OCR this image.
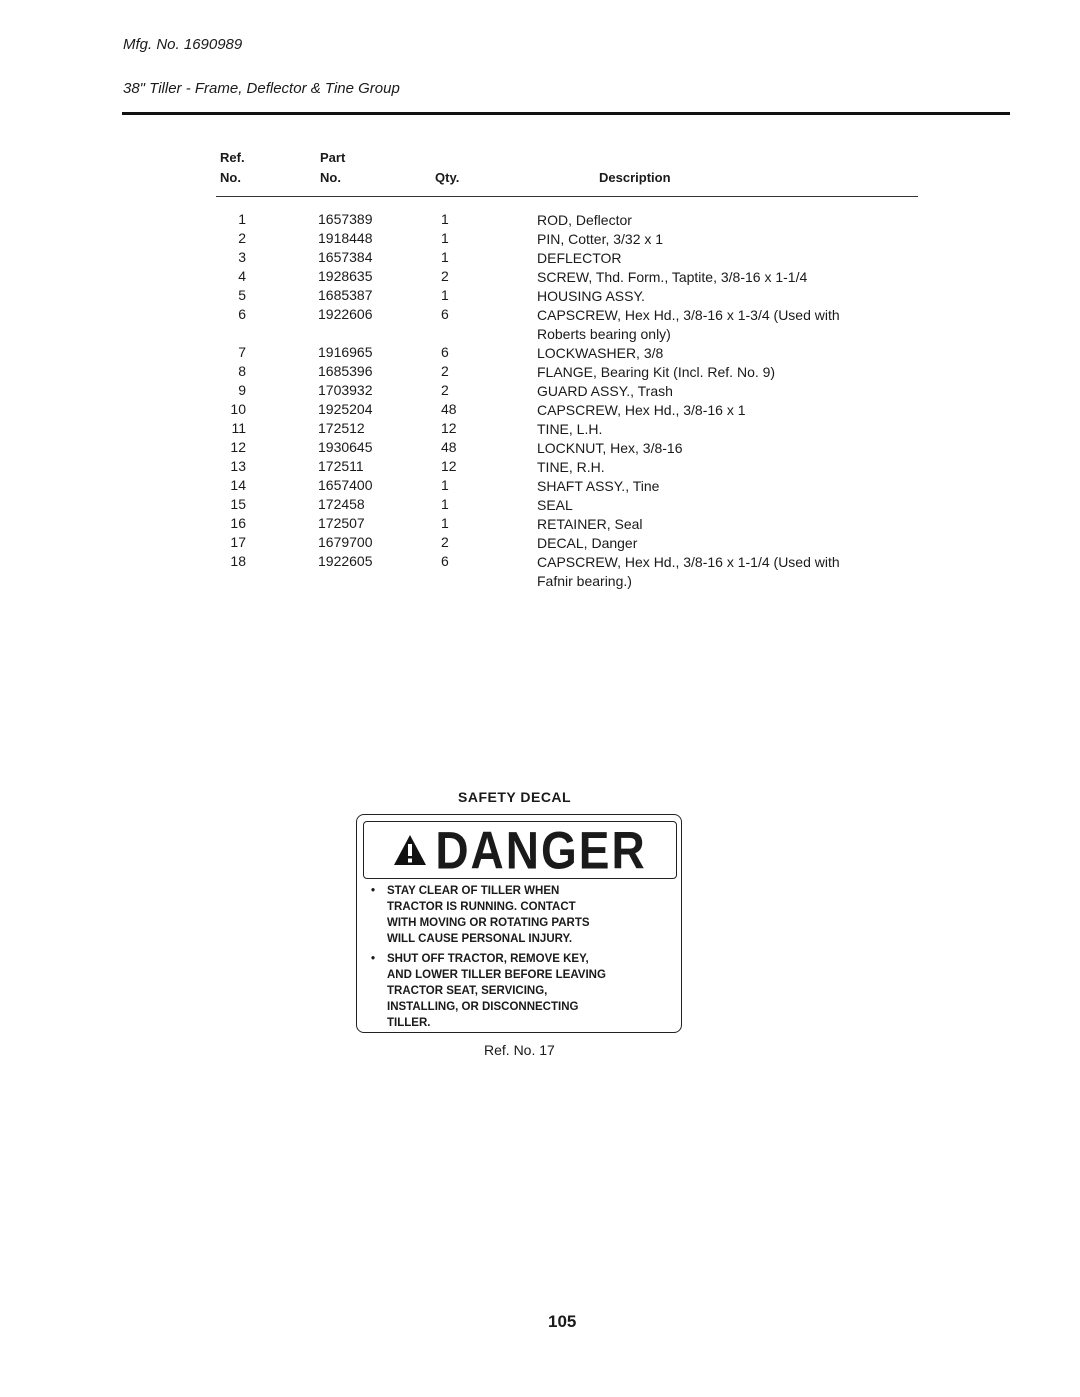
Mfg. No. 1690989
38" Tiller - Frame, Deflector & Tine Group
Ref.
No.
Part
No.	Qty.	Description
1	1657389	1	ROD, Deflector
2	1918448	1	PIN, Cotter, 3/32 x 1
3	1657384	1	DEFLECTOR
4	1928635	2	SCREW, Thd. Form., Taptite, 3/8-16 x 1-1/4
5	1685387	1	HOUSING ASSY.
6	1922606	6	CAPSCREW, Hex Hd., 3/8-16 x 1-3/4 (Used with
Roberts bearing only)
7	1916965	6	LOCKWASHER, 3/8
8	1685396	2	FLANGE, Bearing Kit (Incl. Ref. No. 9)
9	1703932	2	GUARD ASSY., Trash
10	1925204	48	CAPSCREW, Hex Hd., 3/8-16 x 1
11	172512	12	TINE, L.H.
12	1930645	48	LOCKNUT, Hex, 3/8-16
13	172511	12	TINE, R.H.
14	1657400	1	SHAFT ASSY., Tine
15	172458	1	SEAL
16	172507	1	RETAINER, Seal
17	1679700	2	DECAL, Danger
18	1922605	6	CAPSCREW, Hex Hd., 3/8-16 x 1-1/4 (Used with
Fafnir bearing.)
SAFETY DECAL
DANGER
• STAY CLEAR OF TILLER WHEN
TRACTOR IS RUNNING. CONTACT
WITH MOVING OR ROTATING PARTS
WILL CAUSE PERSONAL INJURY.
• SHUT OFF TRACTOR, REMOVE KEY,
AND LOWER TILLER BEFORE LEAVING
TRACTOR SEAT, SERVICING,
INSTALLING, OR DISCONNECTING
TILLER.
Ref. No. 17
105
